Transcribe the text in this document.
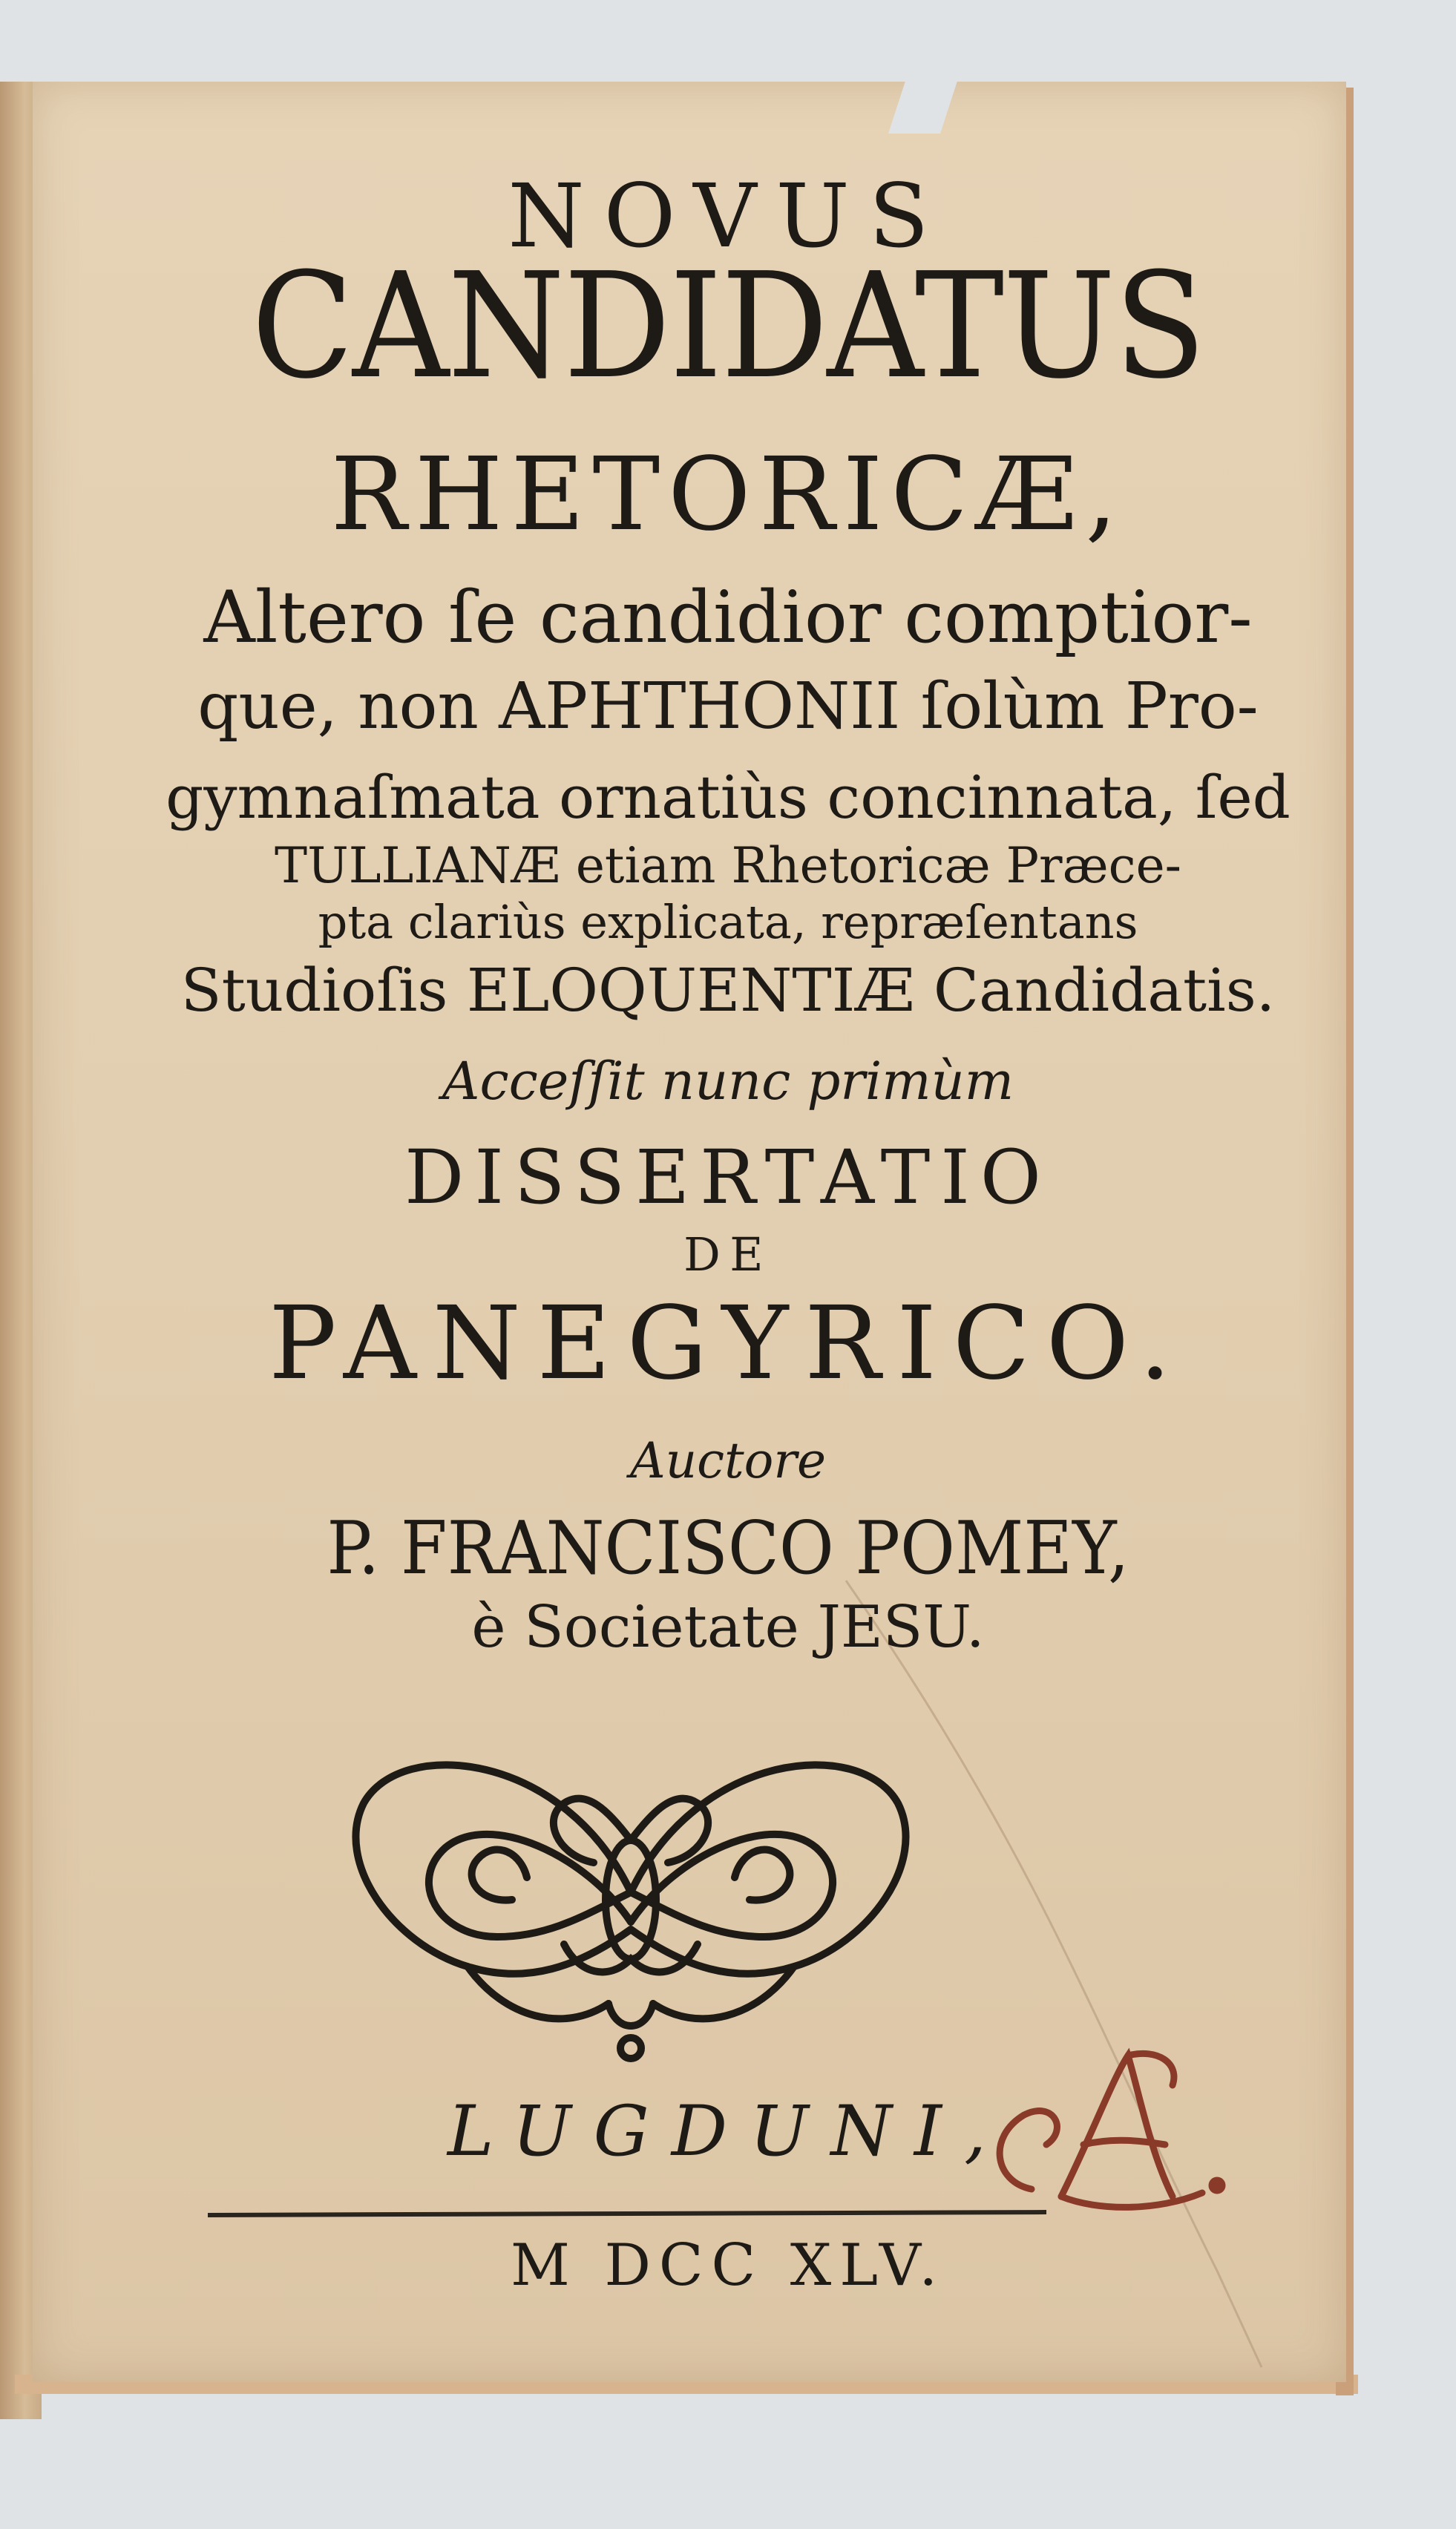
NOVUS
CANDIDATUS
RHETORICÆ,
Altero ſe candidior comptior-
que, non APHTHONII ſolùm Pro-
gymnaſmata ornatiùs concinnata, ſed
TULLIANÆ etiam Rhetoricæ Præce-
pta clariùs explicata, repræſentans
Studioſis ELOQUENTIÆ Candidatis.
Acceſſit nunc primùm
DISSERTATIO
DE
PANEGYRICO.
Auctore
P. FRANCISCO POMEY,
è Societate JESU.
LUGDUNI,
M DCC XLV.
